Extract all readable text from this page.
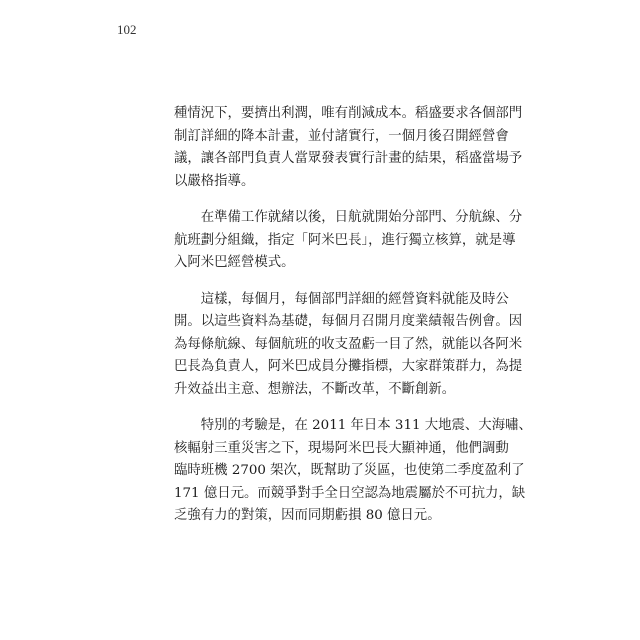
102

種情況下，要擠出利潤，唯有削減成本。稻盛要求各個部門
制訂詳細的降本計畫，並付諸實行，一個月後召開經營會
議，讓各部門負責人當眾發表實行計畫的結果，稻盛當場予
以嚴格指導。

　　在準備工作就緒以後，日航就開始分部門、分航線、分
航班劃分組織，指定「阿米巴長」，進行獨立核算，就是導
入阿米巴經營模式。

　　這樣，每個月，每個部門詳細的經營資料就能及時公
開。以這些資料為基礎，每個月召開月度業績報告例會。因
為每條航線、每個航班的收支盈虧一目了然，就能以各阿米
巴長為負責人，阿米巴成員分攤指標，大家群策群力，為提
升效益出主意、想辦法，不斷改革，不斷創新。

　　特別的考驗是，在 2011 年日本 311 大地震、大海嘯、
核輻射三重災害之下，現場阿米巴長大顯神通，他們調動
臨時班機 2700 架次，既幫助了災區，也使第二季度盈利了
171 億日元。而競爭對手全日空認為地震屬於不可抗力，缺
乏強有力的對策，因而同期虧損 80 億日元。
